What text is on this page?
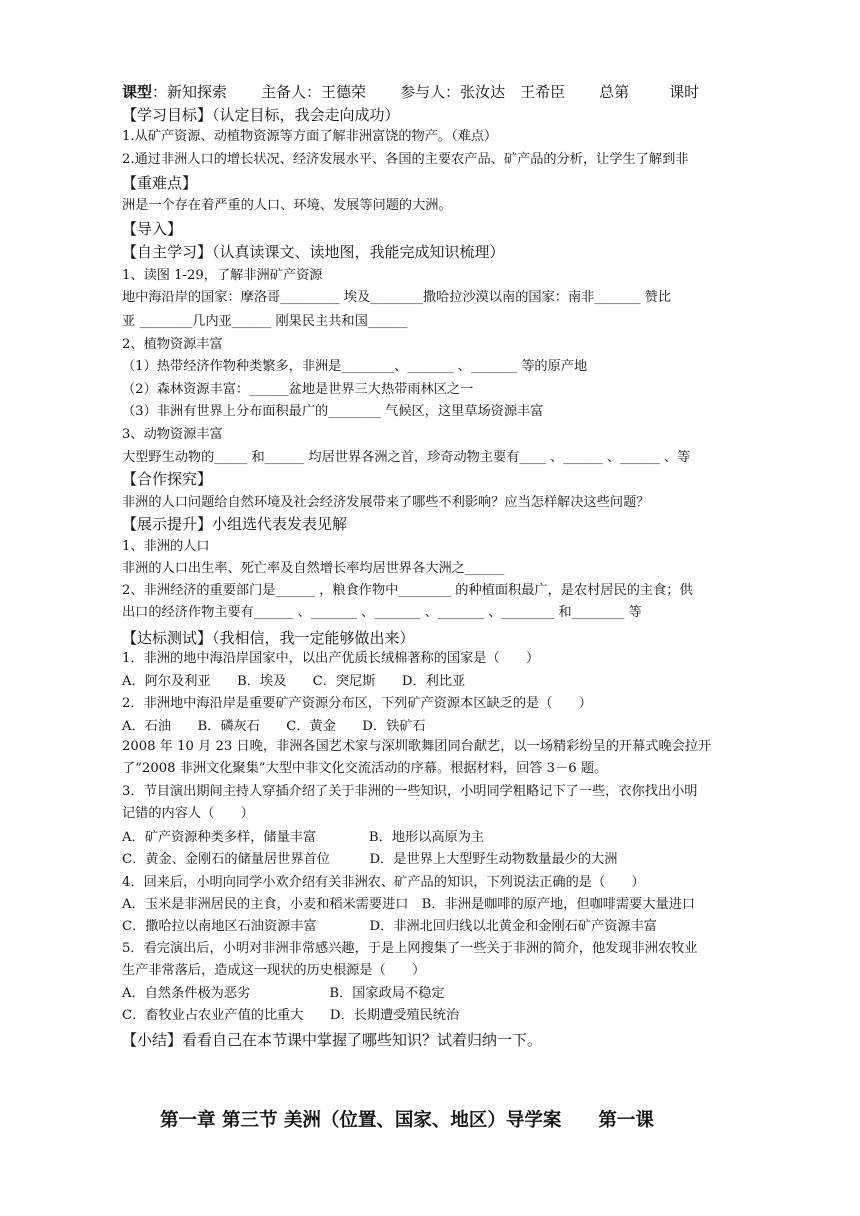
课型：新知探索 主备人：王德荣 参与人：张汝达　王希臣 总第	课时
【学习目标】（认定目标，我会走向成功）
1.从矿产资源、动植物资源等方面了解非洲富饶的物产。（难点）
2.通过非洲人口的增长状况、经济发展水平、各国的主要农产品、矿产品的分析，让学生了解到非
【重难点】
洲是一个存在着严重的人口、环境、发展等问题的大洲。
【导入】
【自主学习】（认真读课文、读地图，我能完成知识梳理）
1、读图 1-29，了解非洲矿产资源
地中海沿岸的国家：摩洛哥_________ 埃及________撒哈拉沙漠以南的国家：南非_______ 赞比
亚 ________几内亚______ 刚果民主共和国______
2、植物资源丰富
（1）热带经济作物种类繁多，非洲是________、_______ 、_______ 等的原产地
（2）森林资源丰富：______盆地是世界三大热带雨林区之一
（3）非洲有世界上分布面积最广的________ 气候区，这里草场资源丰富
3、动物资源丰富
大型野生动物的_____ 和______ 均居世界各洲之首，珍奇动物主要有____ 、______ 、______ 、等
【合作探究】
非洲的人口问题给自然环境及社会经济发展带来了哪些不利影响？应当怎样解决这些问题？
【展示提升】小组选代表发表见解
1、非洲的人口
非洲的人口出生率、死亡率及自然增长率均居世界各大洲之______
2、非洲经济的重要部门是______ ，粮食作物中________ 的种植面积最广，是农村居民的主食；供
出口的经济作物主要有______ 、_______ 、_______ 、_______ 、________ 和________ 等
【达标测试】（我相信，我一定能够做出来）
1．非洲的地中海沿岸国家中，以出产优质长绒棉著称的国家是（　　）
A．阿尔及利亚　　B．埃及　　C．突尼斯　　D．利比亚
2．非洲地中海沿岸是重要矿产资源分布区，下列矿产资源本区缺乏的是（　　）
A．石油　　B．磷灰石　　C．黄金　　D．铁矿石
2008 年 10 月 23 日晚，非洲各国艺术家与深圳歌舞团同台献艺，以一场精彩纷呈的开幕式晚会拉开
了“2008 非洲文化聚集”大型中非文化交流活动的序幕。根据材料，回答 3－6 题。
3．节目演出期间主持人穿插介绍了关于非洲的一些知识，小明同学粗略记下了一些，衣你找出小明
记错的内容人（　　）
A．矿产资源种类多样，储量丰富　　　　B．地形以高原为主
C．黄金、金刚石的储量居世界首位　　　D．是世界上大型野生动物数量最少的大洲
4．回来后，小明向同学小欢介绍有关非洲农、矿产品的知识，下列说法正确的是（　　）
A．玉米是非洲居民的主食，小麦和稻米需要进口　B．非洲是咖啡的原产地，但咖啡需要大量进口
C．撒哈拉以南地区石油资源丰富　　　　D．非洲北回归线以北黄金和金刚石矿产资源丰富
5．看完演出后，小明对非洲非常感兴趣，于是上网搜集了一些关于非洲的简介，他发现非洲农牧业
生产非常落后，造成这一现状的历史根源是（　　）
A．自然条件极为恶劣　　　　　　B．国家政局不稳定
C．畜牧业占农业产值的比重大　　D．长期遭受殖民统治
【小结】看看自己在本节课中掌握了哪些知识？试着归纳一下。
第一章 第三节 美洲（位置、国家、地区）导学案　　第一课
